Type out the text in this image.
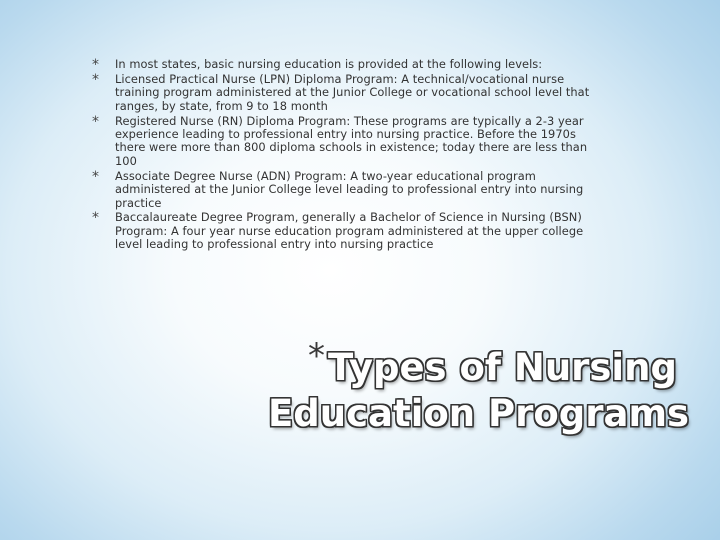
* In most states, basic nursing education is provided at the following levels:
* Licensed Practical Nurse (LPN) Diploma Program: A technical/vocational nurse training program administered at the Junior College or vocational school level that ranges, by state, from 9 to 18 month
* Registered Nurse (RN) Diploma Program: These programs are typically a 2-3 year experience leading to professional entry into nursing practice. Before the 1970s there were more than 800 diploma schools in existence; today there are less than 100
* Associate Degree Nurse (ADN) Program: A two-year educational program administered at the Junior College level leading to professional entry into nursing practice
* Baccalaureate Degree Program, generally a Bachelor of Science in Nursing (BSN) Program: A four year nurse education program administered at the upper college level leading to professional entry into nursing practice
* Types of Nursing
Education Programs
